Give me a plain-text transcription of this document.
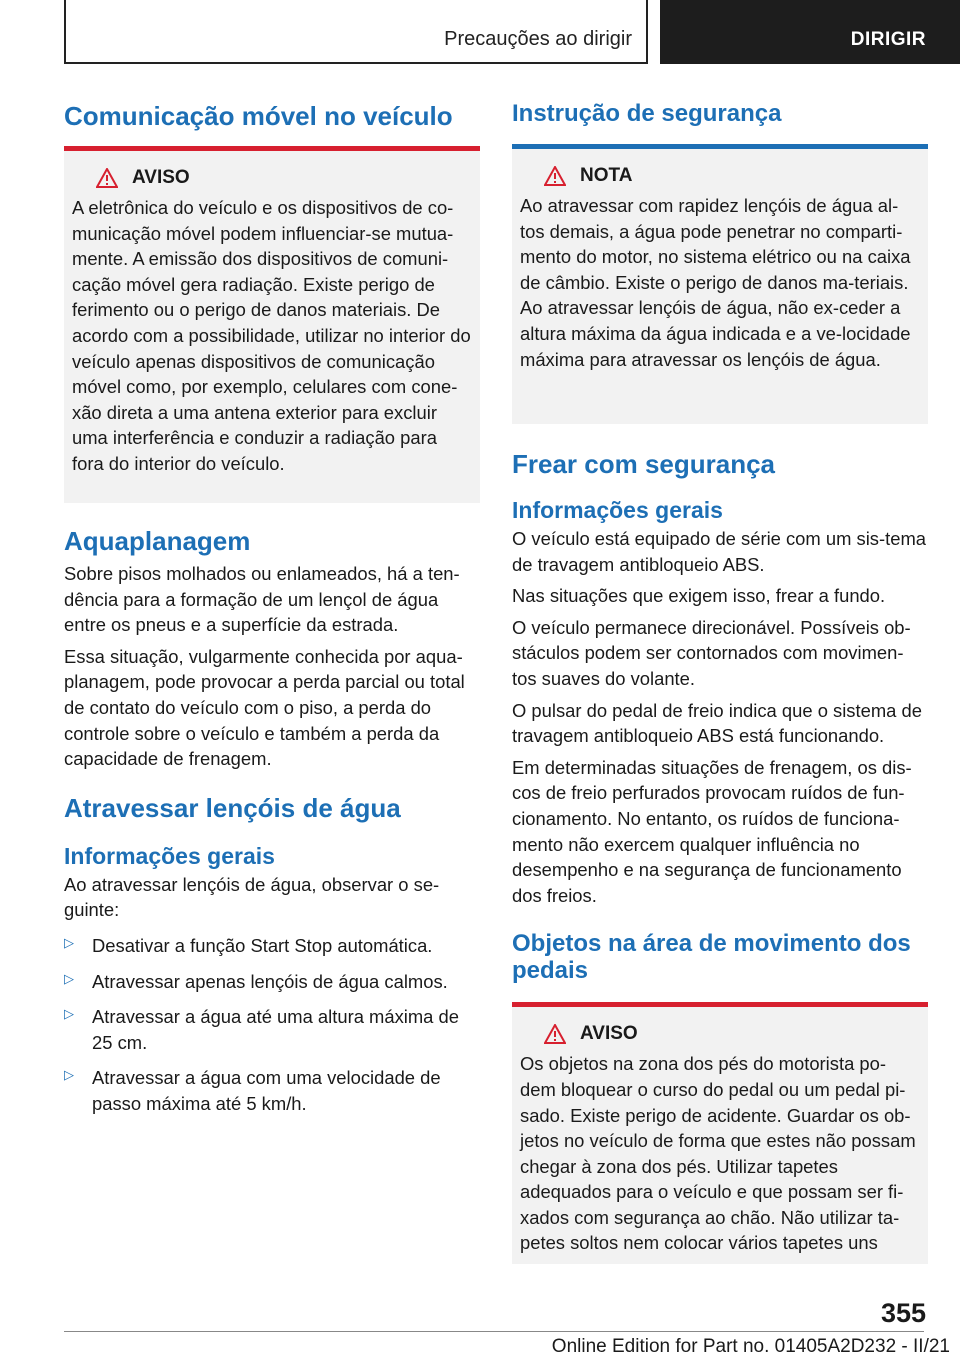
Precauções ao dirigir	DIRIGIR
Comunicação móvel no veículo
AVISO
A eletrônica do veículo e os dispositivos de co-municação móvel podem influenciar-se mutua-mente. A emissão dos dispositivos de comuni-cação móvel gera radiação. Existe perigo de ferimento ou o perigo de danos materiais. De acordo com a possibilidade, utilizar no interior do veículo apenas dispositivos de comunicação móvel como, por exemplo, celulares com cone-xão direta a uma antena exterior para excluir uma interferência e conduzir a radiação para fora do interior do veículo.
Aquaplanagem

Sobre pisos molhados ou enlameados, há a ten-dência para a formação de um lençol de água entre os pneus e a superfície da estrada.

Essa situação, vulgarmente conhecida por aqua-planagem, pode provocar a perda parcial ou total de contato do veículo com o piso, a perda do controle sobre o veículo e também a perda da capacidade de frenagem.

Atravessar lençóis de água
Informações gerais

Ao atravessar lençóis de água, observar o se-guinte:

▷ Desativar a função Start Stop automática.
▷ Atravessar apenas lençóis de água calmos.
▷ Atravessar a água até uma altura máxima de 25 cm.
▷ Atravessar a água com uma velocidade de passo máxima até 5 km/h.
Instrução de segurança
NOTA
Ao atravessar com rapidez lençóis de água al-tos demais, a água pode penetrar no comparti-mento do motor, no sistema elétrico ou na caixa de câmbio. Existe o perigo de danos ma-teriais. Ao atravessar lençóis de água, não ex-ceder a altura máxima da água indicada e a ve-locidade máxima para atravessar os lençóis de água.
Frear com segurança
Informações gerais

O veículo está equipado de série com um sis-tema de travagem antibloqueio ABS.

Nas situações que exigem isso, frear a fundo.

O veículo permanece direcionável. Possíveis ob-stáculos podem ser contornados com movimen-tos suaves do volante.

O pulsar do pedal de freio indica que o sistema de travagem antibloqueio ABS está funcionando.

Em determinadas situações de frenagem, os dis-cos de freio perfurados provocam ruídos de fun-cionamento. No entanto, os ruídos de funciona-mento não exercem qualquer influência no desempenho e na segurança de funcionamento dos freios.

Objetos na área de movimento dos pedais
AVISO
Os objetos na zona dos pés do motorista po-dem bloquear o curso do pedal ou um pedal pi-sado. Existe perigo de acidente. Guardar os ob-jetos no veículo de forma que estes não possam chegar à zona dos pés. Utilizar tapetes adequados para o veículo e que possam ser fi-xados com segurança ao chão. Não utilizar ta-petes soltos nem colocar vários tapetes uns
355
Online Edition for Part no. 01405A2D232 - II/21
